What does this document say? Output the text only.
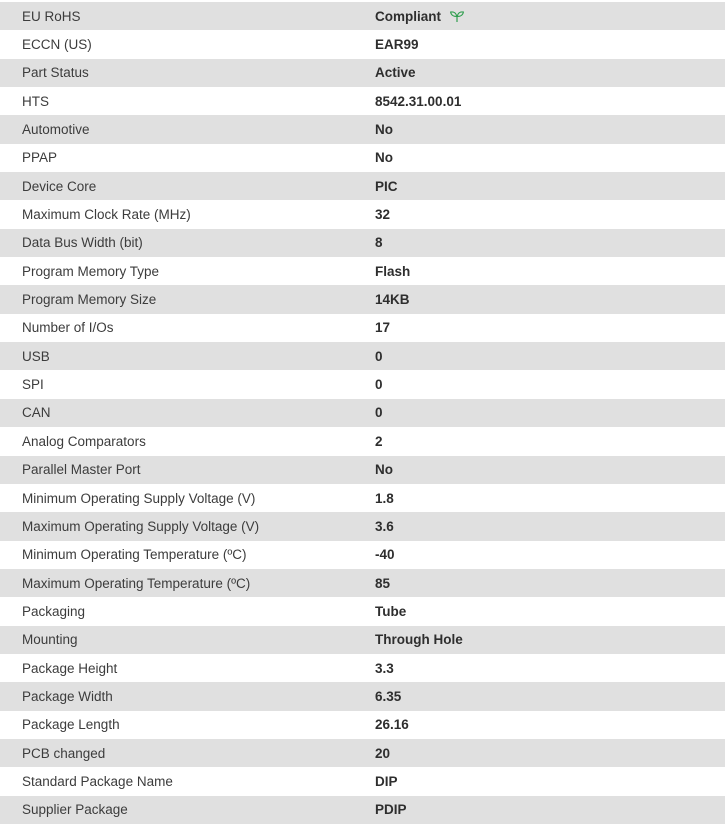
EU RoHS	Compliant
ECCN (US)	EAR99
Part Status	Active
HTS	8542.31.00.01
Automotive	No
PPAP	No
Device Core	PIC
Maximum Clock Rate (MHz)	32
Data Bus Width (bit)	8
Program Memory Type	Flash
Program Memory Size	14KB
Number of I/Os	17
USB	0
SPI	0
CAN	0
Analog Comparators	2
Parallel Master Port	No
Minimum Operating Supply Voltage (V)	1.8
Maximum Operating Supply Voltage (V)	3.6
Minimum Operating Temperature (ºC)	-40
Maximum Operating Temperature (ºC)	85
Packaging	Tube
Mounting	Through Hole
Package Height	3.3
Package Width	6.35
Package Length	26.16
PCB changed	20
Standard Package Name	DIP
Supplier Package	PDIP
